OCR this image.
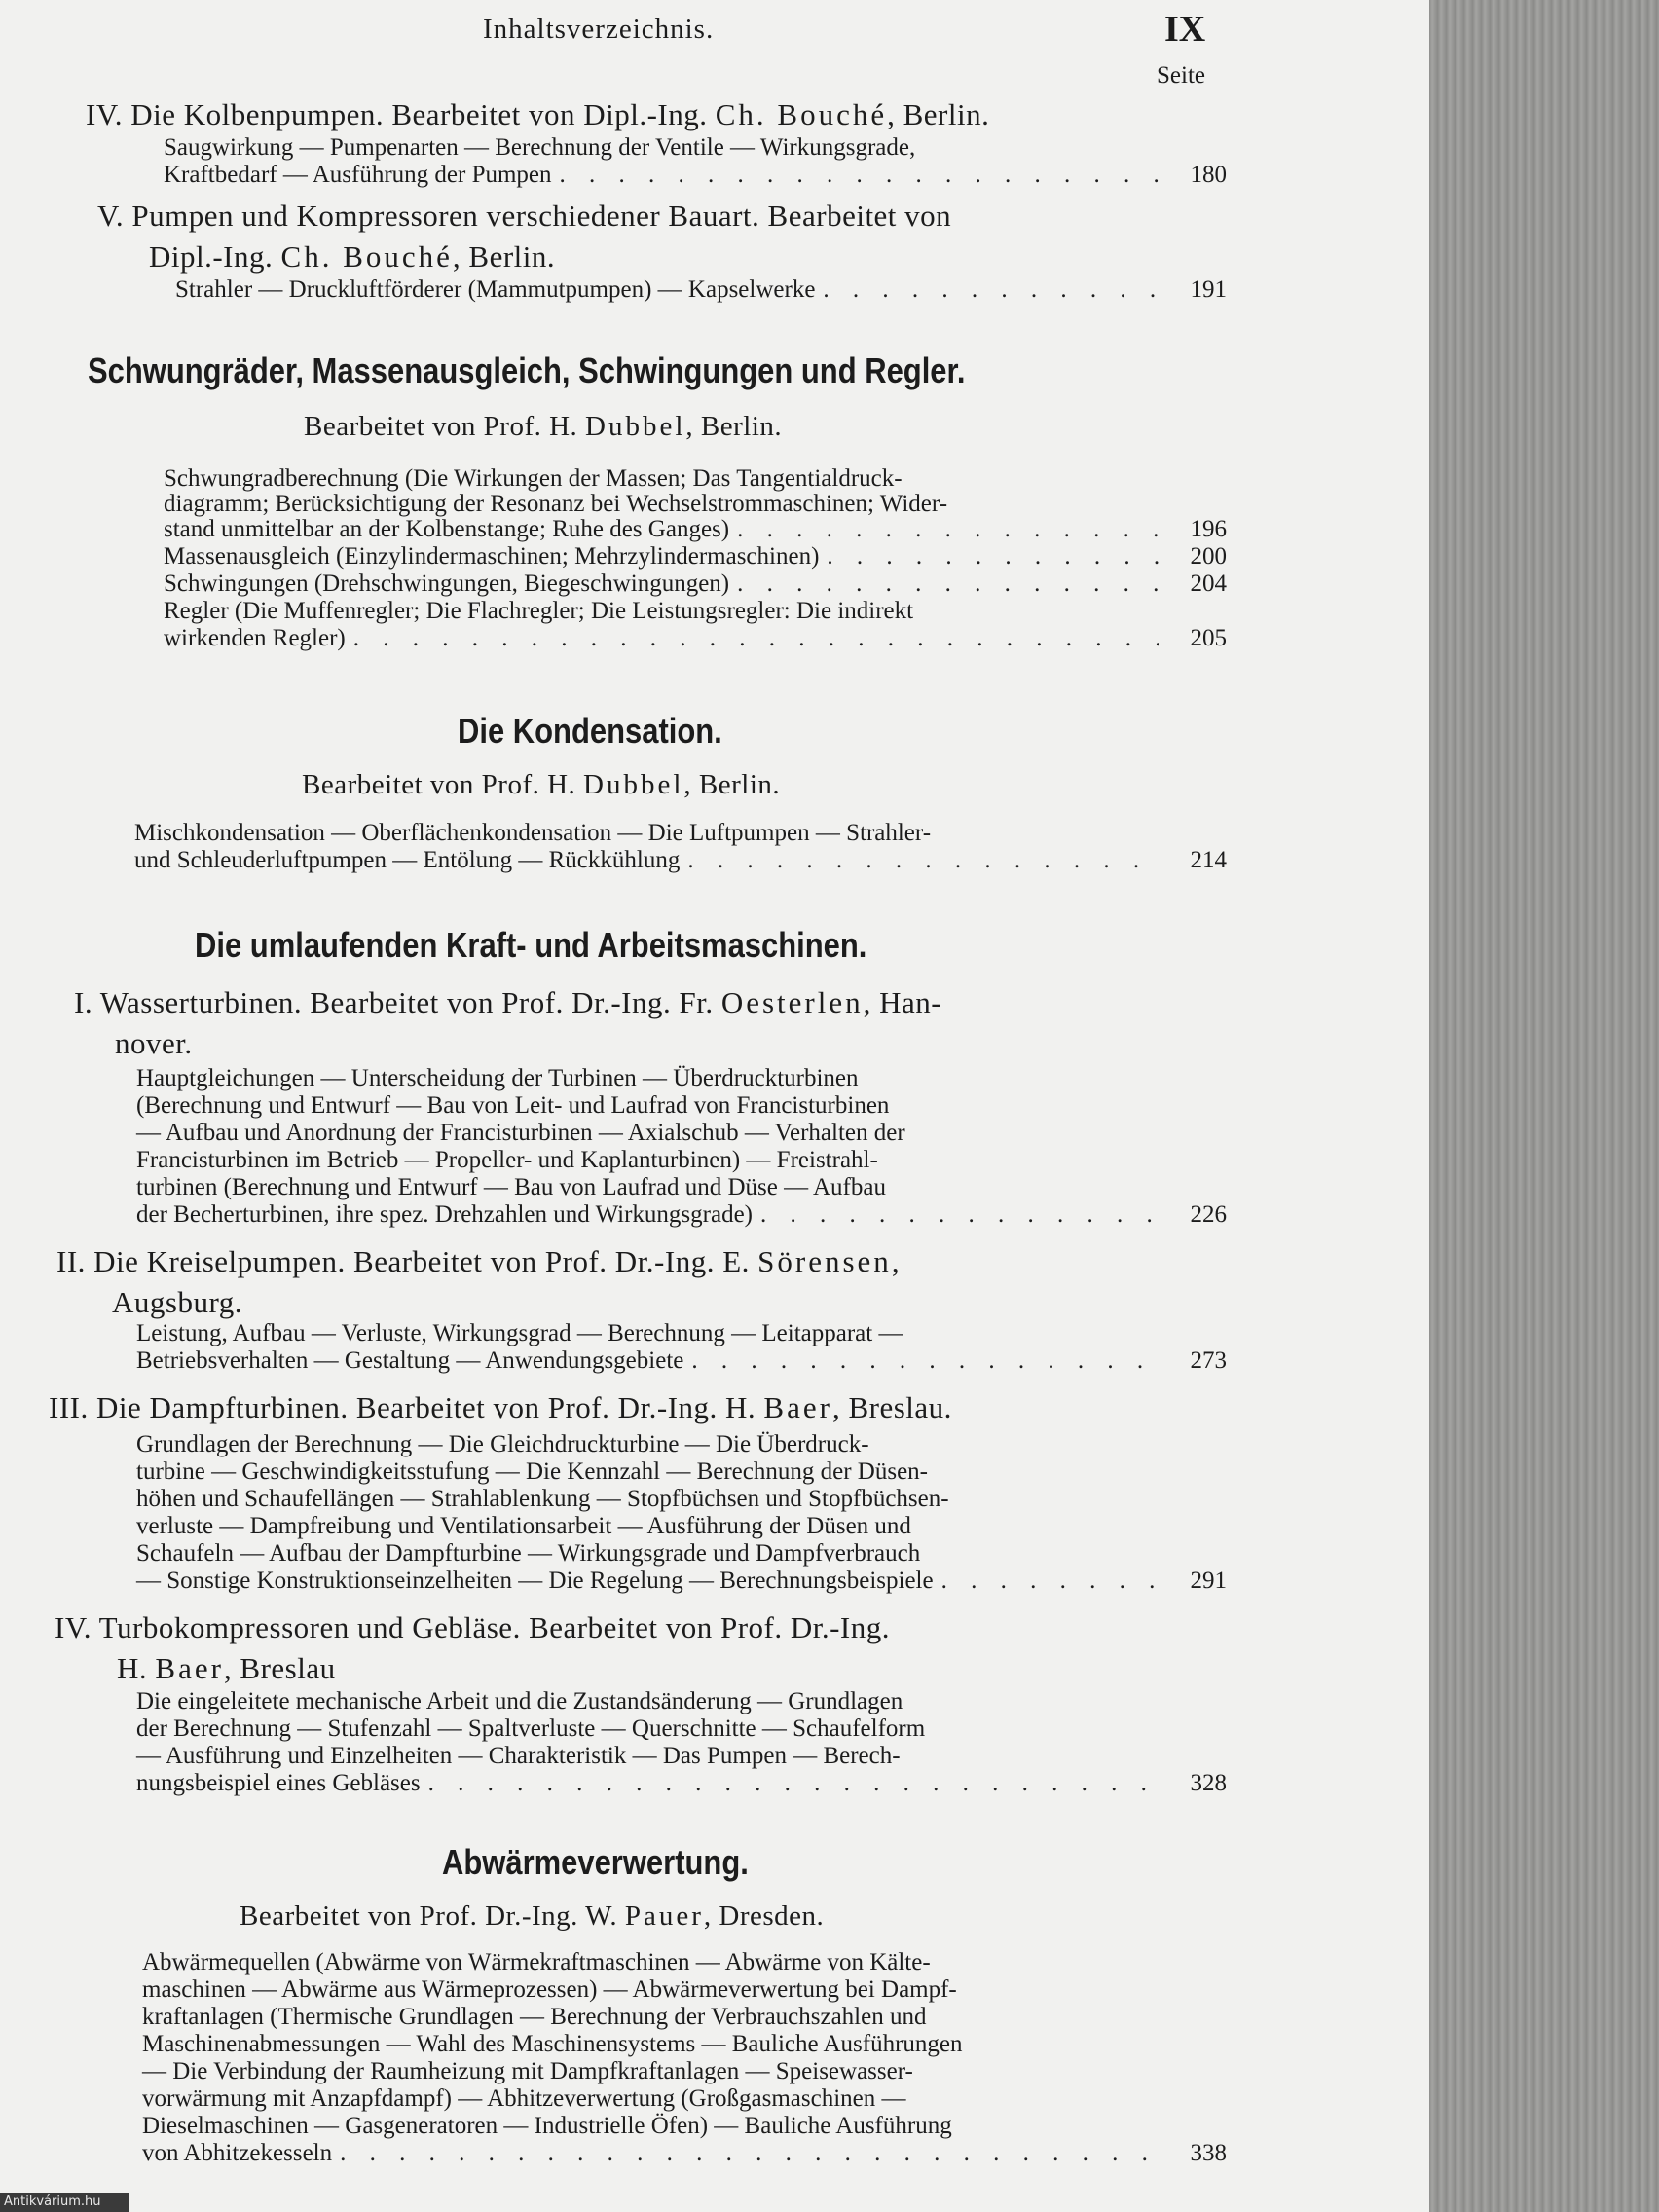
Inhaltsverzeichnis.	IX
Seite
IV. Die Kolbenpumpen. Bearbeitet von Dipl.-Ing. Ch. Bouché, Berlin.
Saugwirkung — Pumpenarten — Berechnung der Ventile — Wirkungsgrade,
Kraftbedarf — Ausführung der Pumpen . . .	180
V. Pumpen und Kompressoren verschiedener Bauart. Bearbeitet von
Dipl.-Ing. Ch. Bouché, Berlin.
Strahler — Druckluftförderer (Mammutpumpen) — Kapselwerke . . .	191
Schwungräder, Massenausgleich, Schwingungen und Regler.
Bearbeitet von Prof. H. Dubbel, Berlin.
Schwungradberechnung (Die Wirkungen der Massen; Das Tangentialdruck-
diagramm; Berücksichtigung der Resonanz bei Wechselstrommaschinen; Wider-
stand unmittelbar an der Kolbenstange; Ruhe des Ganges) . . .	196
Massenausgleich (Einzylindermaschinen; Mehrzylindermaschinen) . . .	200
Schwingungen (Drehschwingungen, Biegeschwingungen) . . .	204
Regler (Die Muffenregler; Die Flachregler; Die Leistungsregler: Die indirekt
wirkenden Regler) . . .	205
Die Kondensation.
Bearbeitet von Prof. H. Dubbel, Berlin.
Mischkondensation — Oberflächenkondensation — Die Luftpumpen — Strahler-
und Schleuderluftpumpen — Entölung — Rückkühlung . . .	214
Die umlaufenden Kraft- und Arbeitsmaschinen.
I. Wasserturbinen. Bearbeitet von Prof. Dr.-Ing. Fr. Oesterlen, Han-
nover.
Hauptgleichungen — Unterscheidung der Turbinen — Überdruckturbinen
(Berechnung und Entwurf — Bau von Leit- und Laufrad von Francisturbinen
— Aufbau und Anordnung der Francisturbinen — Axialschub — Verhalten der
Francisturbinen im Betrieb — Propeller- und Kaplanturbinen) — Freistrahl-
turbinen (Berechnung und Entwurf — Bau von Laufrad und Düse — Aufbau
der Becherturbinen, ihre spez. Drehzahlen und Wirkungsgrade) . . .	226
II. Die Kreiselpumpen. Bearbeitet von Prof. Dr.-Ing. E. Sörensen,
Augsburg.
Leistung, Aufbau — Verluste, Wirkungsgrad — Berechnung — Leitapparat —
Betriebsverhalten — Gestaltung — Anwendungsgebiete . . .	273
III. Die Dampfturbinen. Bearbeitet von Prof. Dr.-Ing. H. Baer, Breslau.
Grundlagen der Berechnung — Die Gleichdruckturbine — Die Überdruck-
turbine — Geschwindigkeitsstufung — Die Kennzahl — Berechnung der Düsen-
höhen und Schaufellängen — Strahlablenkung — Stopfbüchsen und Stopfbüchsen-
verluste — Dampfreibung und Ventilationsarbeit — Ausführung der Düsen und
Schaufeln — Aufbau der Dampfturbine — Wirkungsgrade und Dampfverbrauch
— Sonstige Konstruktionseinzelheiten — Die Regelung — Berechnungsbeispiele . . .	291
IV. Turbokompressoren und Gebläse. Bearbeitet von Prof. Dr.-Ing.
H. Baer, Breslau
Die eingeleitete mechanische Arbeit und die Zustandsänderung — Grundlagen
der Berechnung — Stufenzahl — Spaltverluste — Querschnitte — Schaufelform
— Ausführung und Einzelheiten — Charakteristik — Das Pumpen — Berech-
nungsbeispiel eines Gebläses . . .	328
Abwärmeverwertung.
Bearbeitet von Prof. Dr.-Ing. W. Pauer, Dresden.
Abwärmequellen (Abwärme von Wärmekraftmaschinen — Abwärme von Kälte-
maschinen — Abwärme aus Wärmeprozessen) — Abwärmeverwertung bei Dampf-
kraftanlagen (Thermische Grundlagen — Berechnung der Verbrauchszahlen und
Maschinenabmessungen — Wahl des Maschinensystems — Bauliche Ausführungen
— Die Verbindung der Raumheizung mit Dampfkraftanlagen — Speisewasser-
vorwärmung mit Anzapfdampf) — Abhitzeverwertung (Großgasmaschinen —
Dieselmaschinen — Gasgeneratoren — Industrielle Öfen) — Bauliche Ausführung
von Abhitzekesseln . . .	338
Antikvárium.hu
